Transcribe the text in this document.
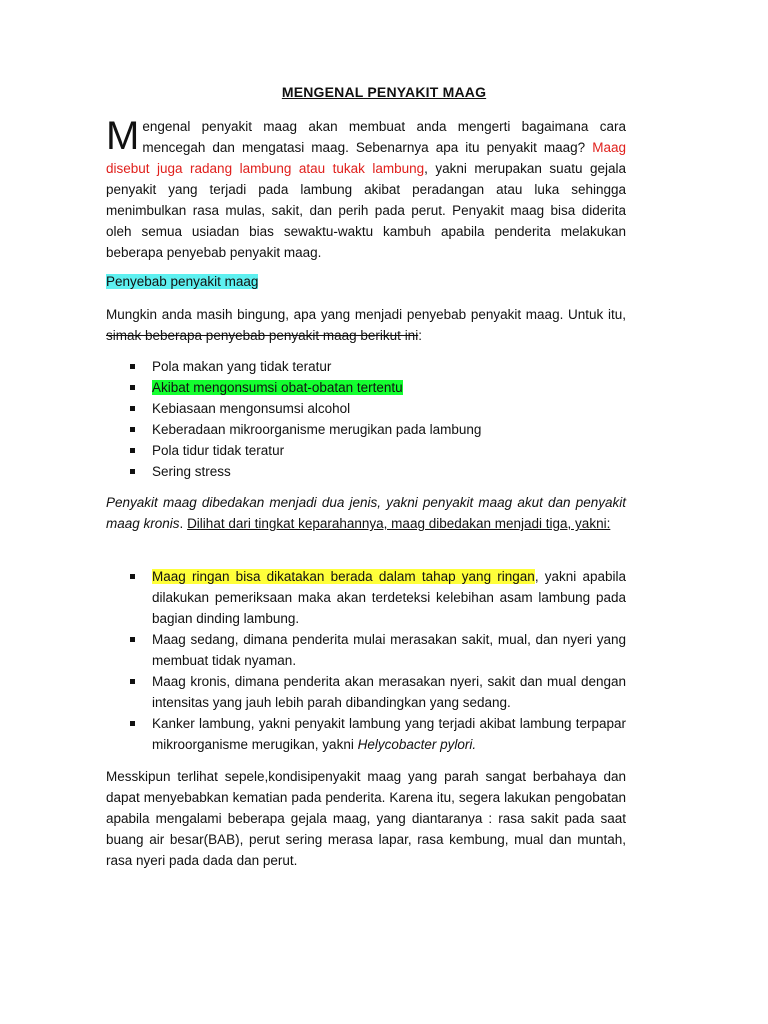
MENGENAL PENYAKIT MAAG

Mengenal penyakit maag akan membuat anda mengerti bagaimana cara mencegah dan mengatasi maag. Sebenarnya apa itu penyakit maag? Maag disebut juga radang lambung atau tukak lambung, yakni merupakan suatu gejala penyakit yang terjadi pada lambung akibat peradangan atau luka sehingga menimbulkan rasa mulas, sakit, dan perih pada perut. Penyakit maag bisa diderita oleh semua usiadan bias sewaktu-waktu kambuh apabila penderita melakukan beberapa penyebab penyakit maag.

Penyebab penyakit maag

Mungkin anda masih bingung, apa yang menjadi penyebab penyakit maag. Untuk itu, simak beberapa penyebab penyakit maag berikut ini:

Pola makan yang tidak teratur
Akibat mengonsumsi obat-obatan tertentu
Kebiasaan mengonsumsi alcohol
Keberadaan mikroorganisme merugikan pada lambung
Pola tidur tidak teratur
Sering stress

Penyakit maag dibedakan menjadi dua jenis, yakni penyakit maag akut dan penyakit maag kronis. Dilihat dari tingkat keparahannya, maag dibedakan menjadi tiga, yakni:

Maag ringan bisa dikatakan berada dalam tahap yang ringan, yakni apabila dilakukan pemeriksaan maka akan terdeteksi kelebihan asam lambung pada bagian dinding lambung.
Maag sedang, dimana penderita mulai merasakan sakit, mual, dan nyeri yang membuat tidak nyaman.
Maag kronis, dimana penderita akan merasakan nyeri, sakit dan mual dengan intensitas yang jauh lebih parah dibandingkan yang sedang.
Kanker lambung, yakni penyakit lambung yang terjadi akibat lambung terpapar mikroorganisme merugikan, yakni Helycobacter pylori.

Messkipun terlihat sepele,kondisipenyakit maag yang parah sangat berbahaya dan dapat menyebabkan kematian pada penderita. Karena itu, segera lakukan pengobatan apabila mengalami beberapa gejala maag, yang diantaranya : rasa sakit pada saat buang air besar(BAB), perut sering merasa lapar, rasa kembung, mual dan muntah, rasa nyeri pada dada dan perut.
